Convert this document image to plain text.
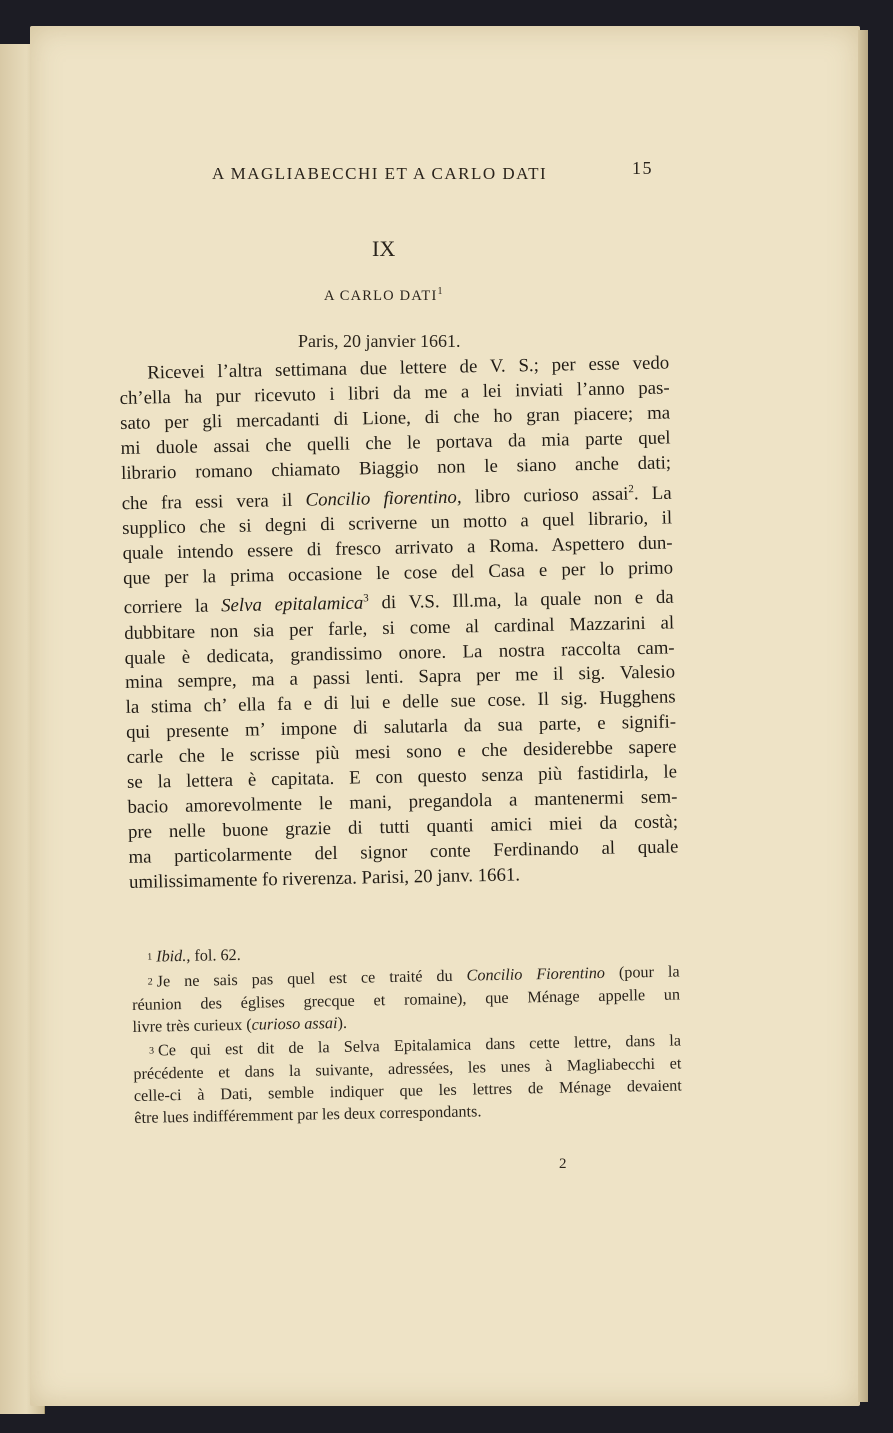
A MAGLIABECCHI ET A CARLO DATI	15
IX
A CARLO DATI$^1$
Paris, 20 janvier 1661.
Ricevei l’altra settimana due lettere de V. S.; per esse vedo
ch’ella ha pur ricevuto i libri da me a lei inviati l’anno pas-
sato per gli mercadanti di Lione, di che ho gran piacere; ma
mi duole assai che quelli che le portava da mia parte quel
librario romano chiamato Biaggio non le siano anche dati;
che fra essi vera il Concilio fiorentino, libro curioso assai$^2$. La
supplico che si degni di scriverne un motto a quel librario, il
quale intendo essere di fresco arrivato a Roma. Aspettero dun-
que per la prima occasione le cose del Casa e per lo primo
corriere la Selva epitalamica$^3$ di V.S. Ill.ma, la quale non e da
dubbitare non sia per farle, si come al cardinal Mazzarini al
quale è dedicata, grandissimo onore. La nostra raccolta cam-
mina sempre, ma a passi lenti. Sapra per me il sig. Valesio
la stima ch’ ella fa e di lui e delle sue cose. Il sig. Hugghens
qui presente m’ impone di salutarla da sua parte, e signifi-
carle che le scrisse più mesi sono e che desiderebbe sapere
se la lettera è capitata. E con questo senza più fastidirla, le
bacio amorevolmente le mani, pregandola a mantenermi sem-
pre nelle buone grazie di tutti quanti amici miei da costà;
ma particolarmente del signor conte Ferdinando al quale
umilissimamente fo riverenza. Parisi, 20 janv. 1661.
1 Ibid., fol. 62.
2 Je ne sais pas quel est ce traité du Concilio Fiorentino (pour la
réunion des églises grecque et romaine), que Ménage appelle un
livre très curieux (curioso assai).
3 Ce qui est dit de la Selva Epitalamica dans cette lettre, dans la
précédente et dans la suivante, adressées, les unes à Magliabecchi et
celle-ci à Dati, semble indiquer que les lettres de Ménage devaient
être lues indifféremment par les deux correspondants.
2
